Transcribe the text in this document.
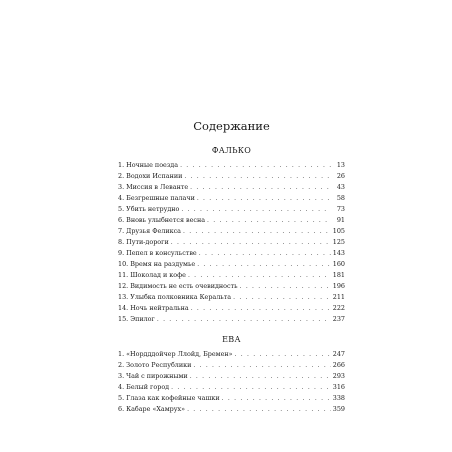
Содержание
ФАЛЬКО
1. Ночные поезда . . .	13
2. Водохи Испании . . .	26
3. Миссия в Леванте . . .	43
4. Безгрешные палачи . . .	58
5. Убить нетрудно . . .	73
6. Вновь улыбнется весна . . .	91
7. Друзья Феликса . . .	105
8. Пути-дороги . . .	125
9. Пепел в консульстве . . .	143
10. Время на раздумье . . .	160
11. Шоколад и кофе . . .	181
12. Видимость не есть очевидность . . .	196
13. Улыбка полковника Керальта . . .	211
14. Ночь нейтральна . . .	222
15. Эпилог . . .	237
ЕВА
1. «Нордддойчер Ллойд, Бремен» . . .	247
2. Золото Республики . . .	266
3. Чай с пирожными . . .	293
4. Белый город . . .	316
5. Глаза как кофейные чашки . . .	338
6. Кабаре «Хамрух» . . .	359
